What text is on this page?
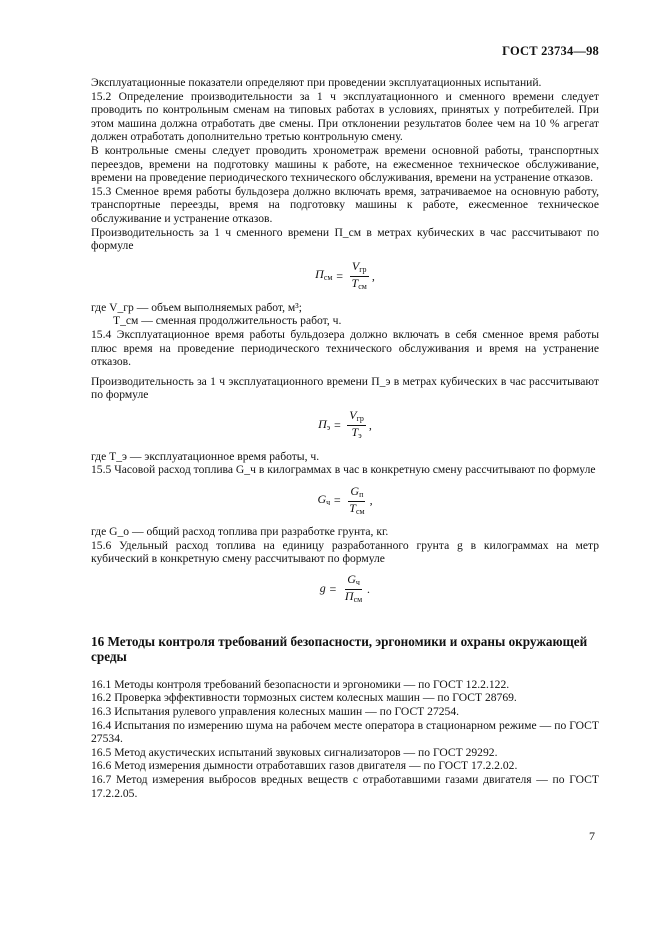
ГОСТ 23734—98

Эксплуатационные показатели определяют при проведении эксплуатационных испытаний.

15.2 Определение производительности за 1 ч эксплуатационного и сменного времени следует проводить по контрольным сменам на типовых работах в условиях, принятых у потребителей. При этом машина должна отработать две смены. При отклонении результатов более чем на 10 % агрегат должен отработать дополнительно третью контрольную смену.

В контрольные смены следует проводить хронометраж времени основной работы, транспортных переездов, времени на подготовку машины к работе, на ежесменное техническое обслуживание, времени на проведение периодического технического обслуживания, времени на устранение отказов.

15.3 Сменное время работы бульдозера должно включать время, затрачиваемое на основную работу, транспортные переезды, время на подготовку машины к работе, ежесменное техническое обслуживание и устранение отказов.

Производительность за 1 ч сменного времени П_см в метрах кубических в час рассчитывают по формуле

$П_{см} = \frac{V_{гр}}{T_{см}}$ ,

где V_гр — объем выполняемых работ, м³;

T_см — сменная продолжительность работ, ч.

15.4 Эксплуатационное время работы бульдозера должно включать в себя сменное время работы плюс время на проведение периодического технического обслуживания и время на устранение отказов.

Производительность за 1 ч эксплуатационного времени П_э в метрах кубических в час рассчитывают по формуле

$П_э = \frac{V_{гр}}{T_э}$ ,

где T_э — эксплуатационное время работы, ч.

15.5 Часовой расход топлива G_ч в килограммах в час в конкретную смену рассчитывают по формуле

$G_ч = \frac{G_п}{T_{см}}$ ,

где G_о — общий расход топлива при разработке грунта, кг.

15.6 Удельный расход топлива на единицу разработанного грунта g в килограммах на метр кубический в конкретную смену рассчитывают по формуле

$g = \frac{G_ч}{П_{см}}$ .
16 Методы контроля требований безопасности, эргономики и охраны окружающей среды

16.1 Методы контроля требований безопасности и эргономики — по ГОСТ 12.2.122.

16.2 Проверка эффективности тормозных систем колесных машин — по ГОСТ 28769.

16.3 Испытания рулевого управления колесных машин — по ГОСТ 27254.

16.4 Испытания по измерению шума на рабочем месте оператора в стационарном режиме — по ГОСТ 27534.

16.5 Метод акустических испытаний звуковых сигнализаторов — по ГОСТ 29292.

16.6 Метод измерения дымности отработавших газов двигателя — по ГОСТ 17.2.2.02.

16.7 Метод измерения выбросов вредных веществ с отработавшими газами двигателя — по ГОСТ 17.2.2.05.

7
